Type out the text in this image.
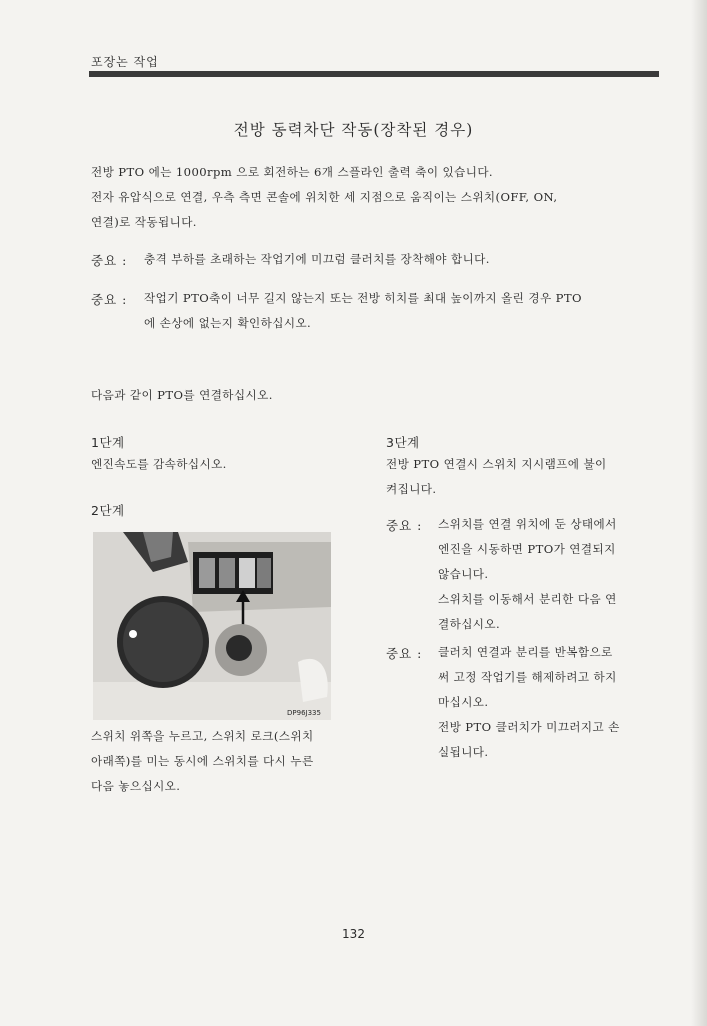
포장논 작업
전방 동력차단 작동(장착된 경우)
전방 PTO 에는 1000rpm 으로 회전하는 6개 스플라인 출력 축이 있습니다.
전자 유압식으로 연결, 우측 측면 콘솔에 위치한 세 지점으로 움직이는 스위치(OFF, ON,
연결)로 작동됩니다.
중요 : 충격 부하를 초래하는 작업기에 미끄럼 클러치를 장착해야 합니다.
중요 : 작업기 PTO축이 너무 길지 않는지 또는 전방 히치를 최대 높이까지 올린 경우 PTO
에 손상에 없는지 확인하십시오.
다음과 같이 PTO를 연결하십시오.
1단계
엔진속도를 감속하십시오.
2단계
DP96J335
스위치 위쪽을 누르고, 스위치 로크(스위치
아래쪽)를 미는 동시에 스위치를 다시 누른
다음 놓으십시오.
3단계
전방 PTO 연결시 스위치 지시램프에 불이
켜집니다.
중요 : 스위치를 연결 위치에 둔 상태에서
엔진을 시동하면 PTO가 연결되지
않습니다.
스위치를 이동해서 분리한 다음 연
결하십시오.
중요 : 클러치 연결과 분리를 반복함으로
써 고정 작업기를 해제하려고 하지
마십시오.
전방 PTO 클러치가 미끄러지고 손
실됩니다.
132
